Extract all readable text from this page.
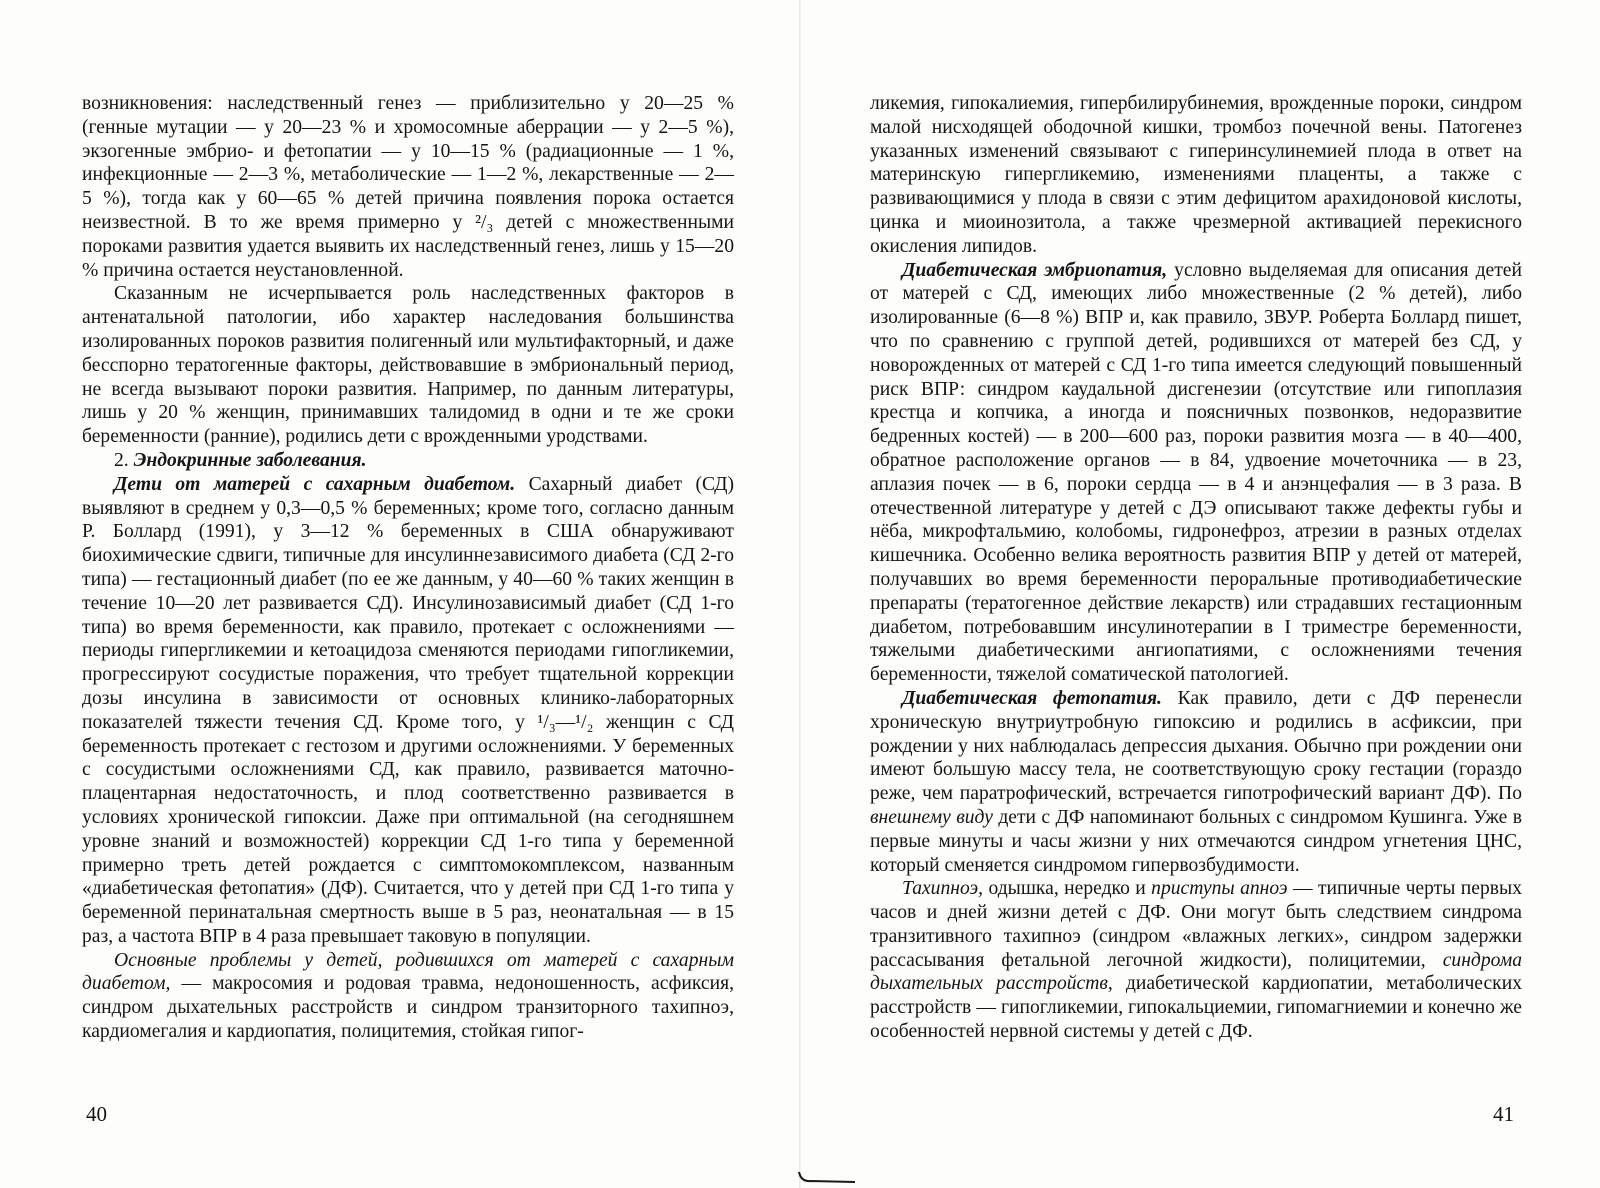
возникновения: наследственный генез — приблизительно у 20—25 % (генные мутации — у 20—23 % и хромосомные аберрации — у 2—5 %), экзогенные эмбрио- и фетопатии — у 10—15 % (радиационные — 1 %, инфекционные — 2—3 %, метаболические — 1—2 %, лекарственные — 2—5 %), тогда как у 60—65 % детей причина появления порока остается неизвестной. В то же время примерно у ²/₃ детей с множественными пороками развития удается выявить их наследственный генез, лишь у 15—20 % причина остается неустановленной.

Сказанным не исчерпывается роль наследственных факторов в антенатальной патологии, ибо характер наследования большинства изолированных пороков развития полигенный или мультифакторный, и даже бесспорно тератогенные факторы, действовавшие в эмбриональный период, не всегда вызывают пороки развития. Например, по данным литературы, лишь у 20 % женщин, принимавших талидомид в одни и те же сроки беременности (ранние), родились дети с врожденными уродствами.

2. Эндокринные заболевания.

Дети от матерей с сахарным диабетом. Сахарный диабет (СД) выявляют в среднем у 0,3—0,5 % беременных; кроме того, согласно данным Р. Боллард (1991), у 3—12 % беременных в США обнаруживают биохимические сдвиги, типичные для инсулиннезависимого диабета (СД 2-го типа) — гестационный диабет (по ее же данным, у 40—60 % таких женщин в течение 10—20 лет развивается СД). Инсулинозависимый диабет (СД 1-го типа) во время беременности, как правило, протекает с осложнениями — периоды гипергликемии и кетоацидоза сменяются периодами гипогликемии, прогрессируют сосудистые поражения, что требует тщательной коррекции дозы инсулина в зависимости от основных клинико-лабораторных показателей тяжести течения СД. Кроме того, у ¹/₃—¹/₂ женщин с СД беременность протекает с гестозом и другими осложнениями. У беременных с сосудистыми осложнениями СД, как правило, развивается маточно-плацентарная недостаточность, и плод соответственно развивается в условиях хронической гипоксии. Даже при оптимальной (на сегодняшнем уровне знаний и возможностей) коррекции СД 1-го типа у беременной примерно треть детей рождается с симптомокомплексом, названным «диабетическая фетопатия» (ДФ). Считается, что у детей при СД 1-го типа у беременной перинатальная смертность выше в 5 раз, неонатальная — в 15 раз, а частота ВПР в 4 раза превышает таковую в популяции.

Основные проблемы у детей, родившихся от матерей с сахарным диабетом, — макросомия и родовая травма, недоношенность, асфиксия, синдром дыхательных расстройств и синдром транзиторного тахипноэ, кардиомегалия и кардиопатия, полицитемия, стойкая гипог-

40

ликемия, гипокалиемия, гипербилирубинемия, врожденные пороки, синдром малой нисходящей ободочной кишки, тромбоз почечной вены. Патогенез указанных изменений связывают с гиперинсулинемией плода в ответ на материнскую гипергликемию, изменениями плаценты, а также с развивающимися у плода в связи с этим дефицитом арахидоновой кислоты, цинка и миоинозитола, а также чрезмерной активацией перекисного окисления липидов.

Диабетическая эмбриопатия, условно выделяемая для описания детей от матерей с СД, имеющих либо множественные (2 % детей), либо изолированные (6—8 %) ВПР и, как правило, ЗВУР. Роберта Боллард пишет, что по сравнению с группой детей, родившихся от матерей без СД, у новорожденных от матерей с СД 1-го типа имеется следующий повышенный риск ВПР: синдром каудальной дисгенезии (отсутствие или гипоплазия крестца и копчика, а иногда и поясничных позвонков, недоразвитие бедренных костей) — в 200—600 раз, пороки развития мозга — в 40—400, обратное расположение органов — в 84, удвоение мочеточника — в 23, аплазия почек — в 6, пороки сердца — в 4 и анэнцефалия — в 3 раза. В отечественной литературе у детей с ДЭ описывают также дефекты губы и нёба, микрофтальмию, колобомы, гидронефроз, атрезии в разных отделах кишечника. Особенно велика вероятность развития ВПР у детей от матерей, получавших во время беременности пероральные противодиабетические препараты (тератогенное действие лекарств) или страдавших гестационным диабетом, потребовавшим инсулинотерапии в I триместре беременности, тяжелыми диабетическими ангиопатиями, с осложнениями течения беременности, тяжелой соматической патологией.

Диабетическая фетопатия. Как правило, дети с ДФ перенесли хроническую внутриутробную гипоксию и родились в асфиксии, при рождении у них наблюдалась депрессия дыхания. Обычно при рождении они имеют большую массу тела, не соответствующую сроку гестации (гораздо реже, чем паратрофический, встречается гипотрофический вариант ДФ). По внешнему виду дети с ДФ напоминают больных с синдромом Кушинга. Уже в первые минуты и часы жизни у них отмечаются синдром угнетения ЦНС, который сменяется синдромом гипервозбудимости.

Тахипноэ, одышка, нередко и приступы апноэ — типичные черты первых часов и дней жизни детей с ДФ. Они могут быть следствием синдрома транзитивного тахипноэ (синдром «влажных легких», синдром задержки рассасывания фетальной легочной жидкости), полицитемии, синдрома дыхательных расстройств, диабетической кардиопатии, метаболических расстройств — гипогликемии, гипокальциемии, гипомагниемии и конечно же особенностей нервной системы у детей с ДФ.

41
